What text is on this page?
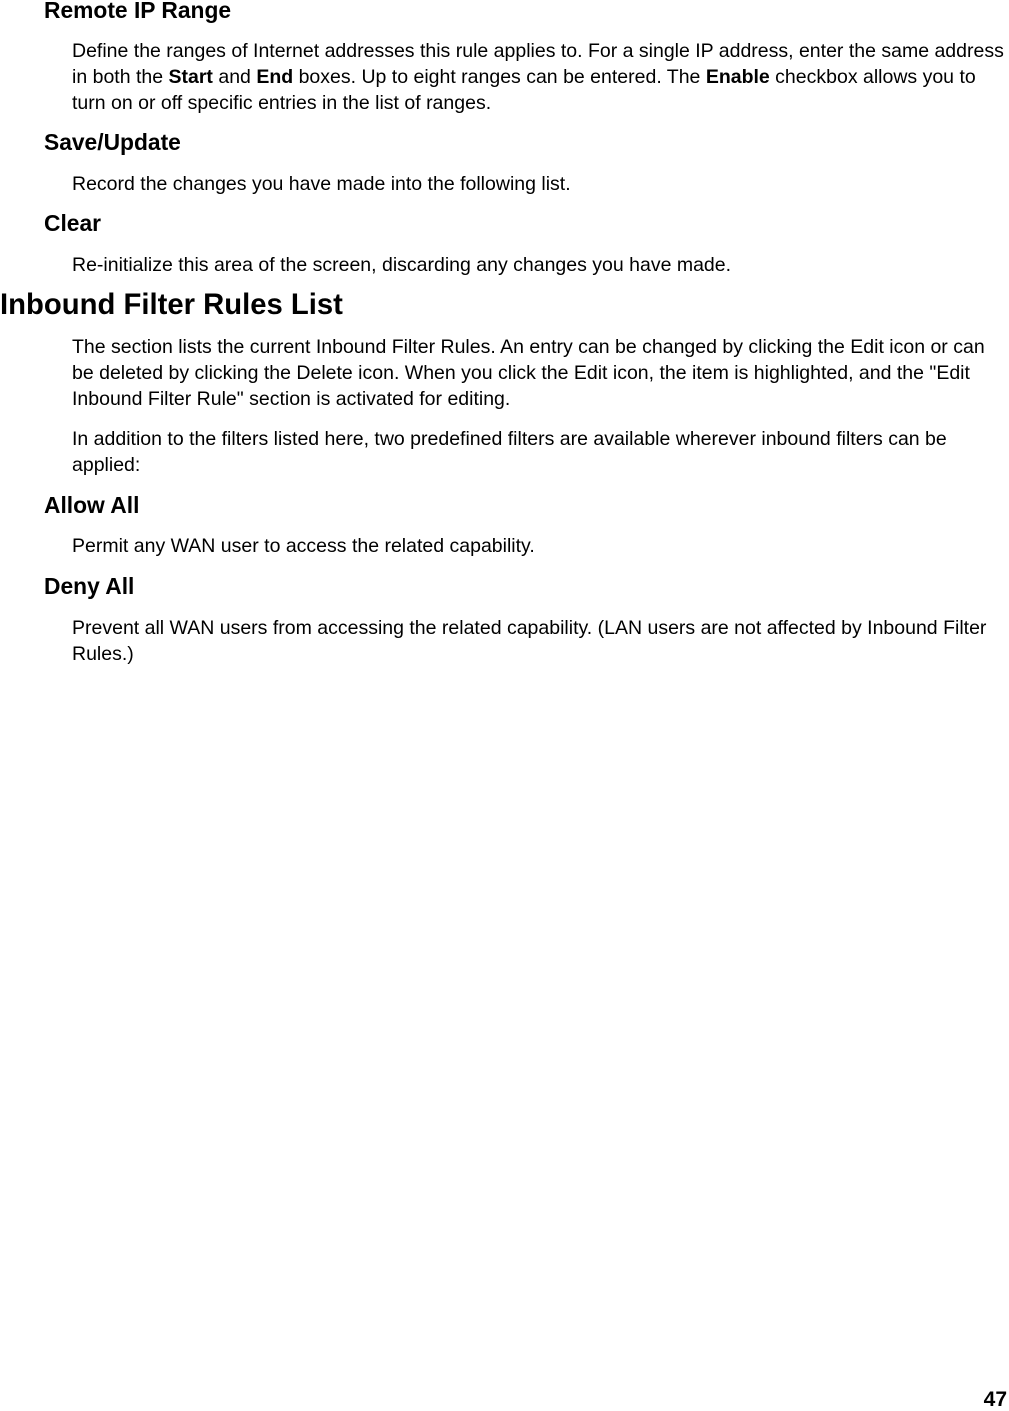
Remote IP Range

Define the ranges of Internet addresses this rule applies to. For a single IP address, enter the same address in both the Start and End boxes. Up to eight ranges can be entered. The Enable checkbox allows you to turn on or off specific entries in the list of ranges.

Save/Update

Record the changes you have made into the following list.

Clear

Re-initialize this area of the screen, discarding any changes you have made.

Inbound Filter Rules List

The section lists the current Inbound Filter Rules. An entry can be changed by clicking the Edit icon or can be deleted by clicking the Delete icon. When you click the Edit icon, the item is highlighted, and the "Edit Inbound Filter Rule" section is activated for editing.

In addition to the filters listed here, two predefined filters are available wherever inbound filters can be applied:

Allow All

Permit any WAN user to access the related capability.

Deny All

Prevent all WAN users from accessing the related capability. (LAN users are not affected by Inbound Filter Rules.)

47
